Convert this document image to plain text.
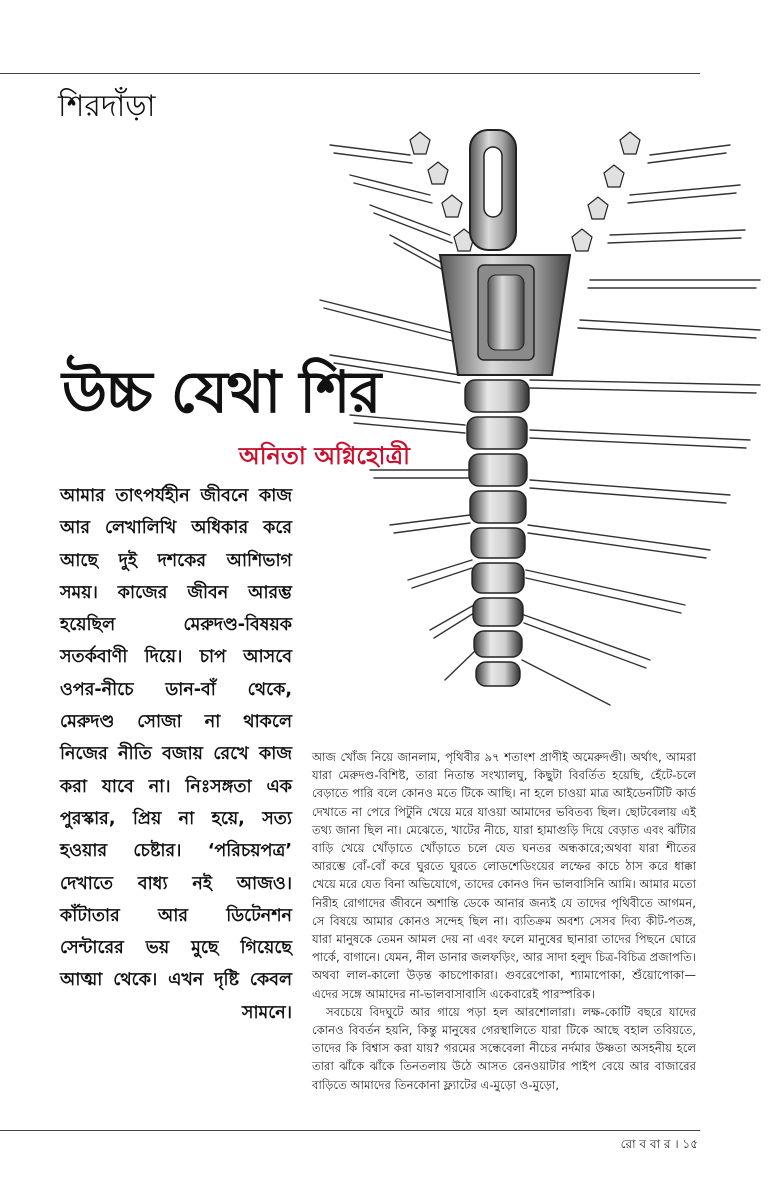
শিরদাঁড়া
উচ্চ যেথা শির
অনিতা অগ্নিহোত্রী

আমার তাৎপর্যহীন জীবনে কাজ আর লেখালিখি অধিকার করে আছে দুই দশকের আশিভাগ সময়। কাজের জীবন আরম্ভ হয়েছিল মেরুদণ্ড-বিষয়ক সতর্কবাণী দিয়ে। চাপ আসবে ওপর-নীচে ডান-বাঁ থেকে, মেরুদণ্ড সোজা না থাকলে নিজের নীতি বজায় রেখে কাজ করা যাবে না। নিঃসঙ্গতা এক পুরস্কার, প্রিয় না হয়ে, সত্য হওয়ার চেষ্টার। ‘পরিচয়পত্র’ দেখাতে বাধ্য নই আজও। কাঁটাতার আর ডিটেনশন সেন্টারের ভয় মুছে গিয়েছে আত্মা থেকে। এখন দৃষ্টি কেবল সামনে।

আজ খোঁজ নিয়ে জানলাম, পৃথিবীর ৯৭ শতাংশ প্রাণীই অমেরুদণ্ডী। অর্থাৎ, আমরা যারা মেরুদণ্ড-বিশিষ্ট, তারা নিতান্ত সংখ্যালঘু, কিছুটা বিবর্তিত হয়েছি, হেঁটে-চলে বেড়াতে পারি বলে কোনও মতে টিকে আছি। না হলে চাওয়া মাত্র আইডেনটিটি কার্ড দেখাতে না পেরে পিটুনি খেয়ে মরে যাওয়া আমাদের ভবিতব্য ছিল। ছোটবেলায় এই তথ্য জানা ছিল না। মেঝেতে, খাটের নীচে, যারা হামাগুড়ি দিয়ে বেড়াত এবং ঝাঁটার বাড়ি খেয়ে খোঁড়াতে খোঁড়াতে চলে যেত ঘনতর অন্ধকারে;অথবা যারা শীতের আরম্ভে বোঁ-বোঁ করে ঘুরতে ঘুরতে লোডশেডিংয়ের লম্ফের কাচে ঠাস করে ধাক্কা খেয়ে মরে যেত বিনা অভিযোগে, তাদের কোনও দিন ভালবাসিনি আমি। আমার মতো নিরীহ রোগাদের জীবনে অশান্তি ডেকে আনার জন্যই যে তাদের পৃথিবীতে আগমন, সে বিষয়ে আমার কোনও সন্দেহ ছিল না। ব্যতিক্রম অবশ্য সেসব দিব্য কীট-পতঙ্গ, যারা মানুষকে তেমন আমল দেয় না এবং ফলে মানুষের ছানারা তাদের পিছনে ঘোরে পার্কে, বাগানে। যেমন, নীল ডানার জলফড়িং, আর সাদা হলুদ চিত্র-বিচিত্র প্রজাপতি। অথবা লাল-কালো উড়ন্ত কাচপোকারা। গুবরেপোকা, শ্যামাপোকা, শুঁয়োপোকা— এদের সঙ্গে আমাদের না-ভালবাসাবাসি একেবারেই পারস্পরিক।

সবচেয়ে বিদঘুটে আর গায়ে পড়া হল আরশোলারা। লক্ষ-কোটি বছরে যাদের কোনও বিবর্তন হয়নি, কিন্তু মানুষের গেরস্থালিতে যারা টিকে আছে বহাল তবিয়তে, তাদের কি বিশ্বাস করা যায়? গরমের সন্ধেবেলা নীচের নর্দমার উষ্ণতা অসহনীয় হলে তারা ঝাঁকে ঝাঁকে তিনতলায় উঠে আসত রেনওয়াটার পাইপ বেয়ে আর বাজারের বাড়িতে আমাদের তিনকোনা ফ্ল্যাটের এ-মুড়ো ও-মুড়ো,

রো ব বা র । ১৫
